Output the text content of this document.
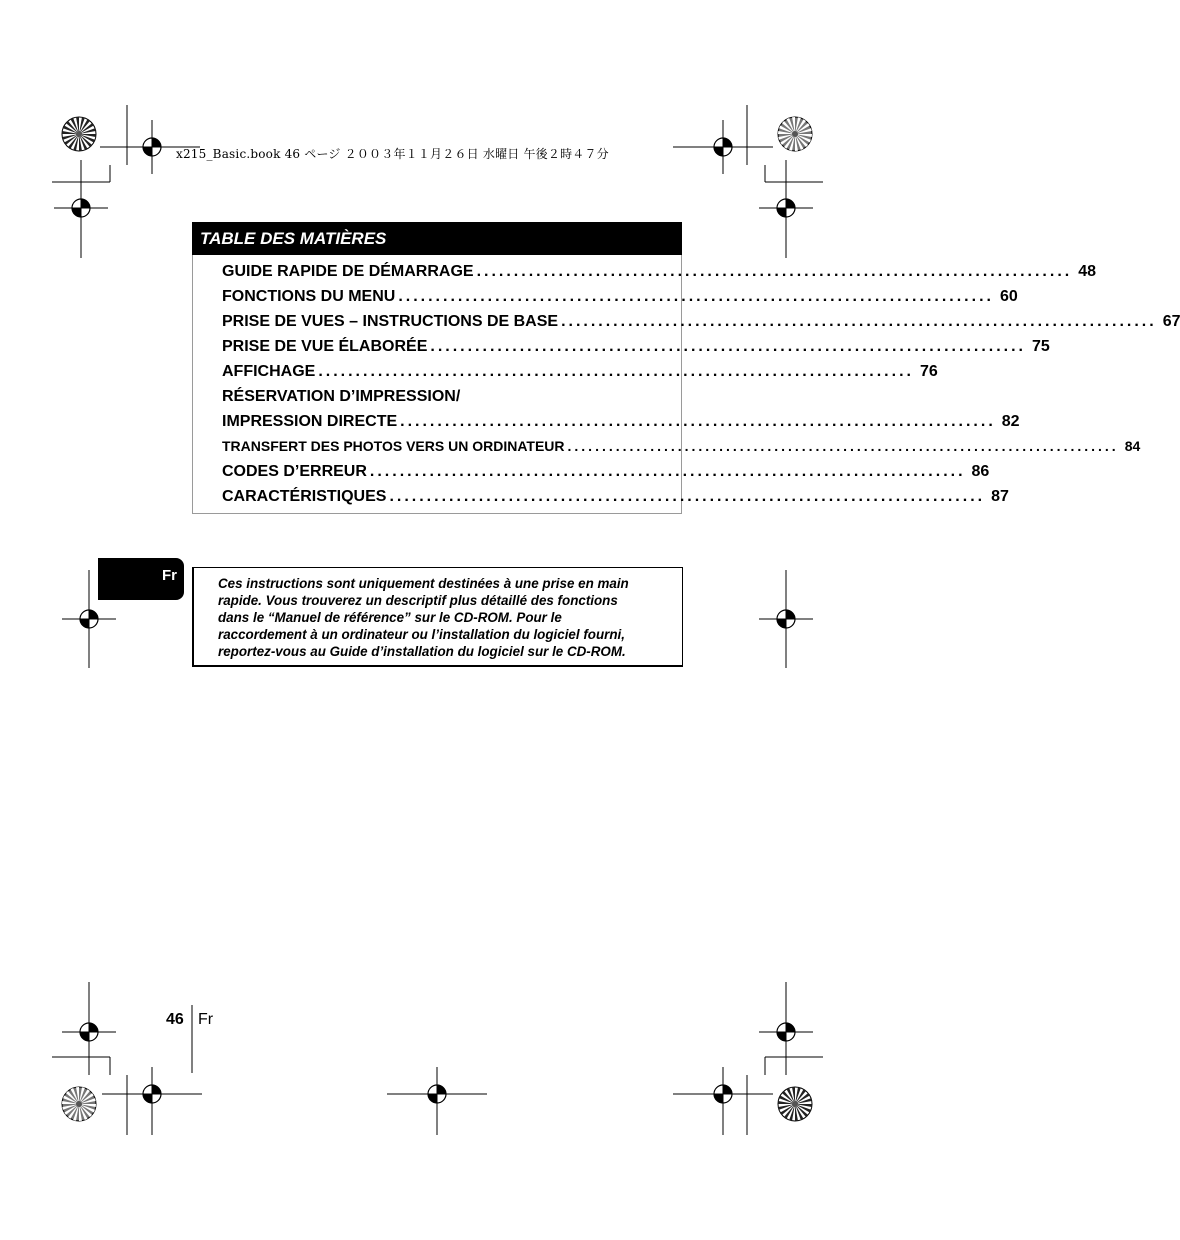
x215_Basic.book 46 ページ ２００３年１１月２６日 水曜日 午後２時４７分
TABLE DES MATIÈRES
GUIDE RAPIDE DE DÉMARRAGE ................................................................................ 48
FONCTIONS DU MENU ................................................................................ 60
PRISE DE VUES – INSTRUCTIONS DE BASE ................................................................................ 67
PRISE DE VUE ÉLABORÉE ................................................................................ 75
AFFICHAGE ................................................................................ 76
RÉSERVATION D’IMPRESSION/
IMPRESSION DIRECTE ................................................................................ 82
TRANSFERT DES PHOTOS VERS UN ORDINATEUR ................................................................................ 84
CODES D’ERREUR ................................................................................ 86
CARACTÉRISTIQUES ................................................................................ 87
Fr	Ces instructions sont uniquement destinées à une prise en main
rapide. Vous trouverez un descriptif plus détaillé des fonctions
dans le “Manuel de référence” sur le CD-ROM. Pour le
raccordement à un ordinateur ou l’installation du logiciel fourni,
reportez-vous au Guide d’installation du logiciel sur le CD-ROM.
46 Fr
